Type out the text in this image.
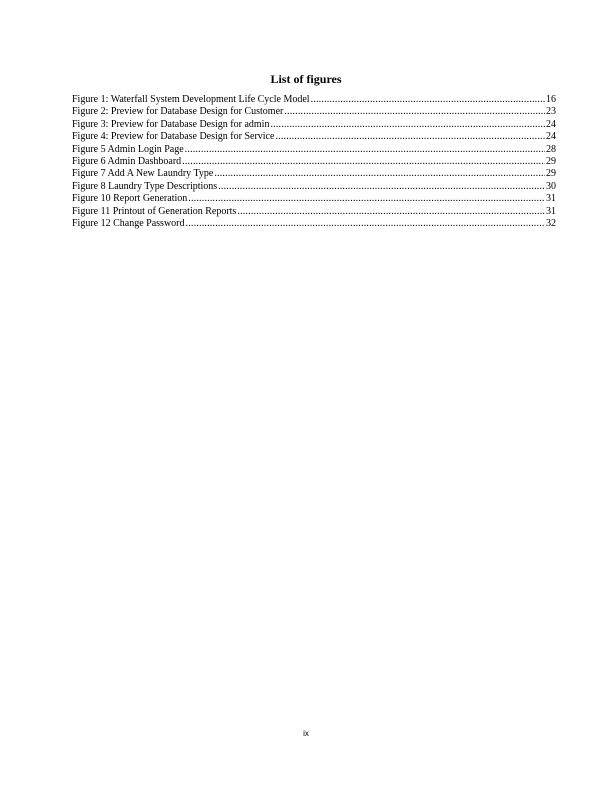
List of figures
Figure 1: Waterfall System Development Life Cycle Model .....	16
Figure 2: Preview for Database Design for Customer .....	23
Figure 3: Preview for Database Design for admin .....	24
Figure 4: Preview for Database Design for Service .....	24
Figure 5 Admin Login Page .....	28
Figure 6 Admin Dashboard .....	29
Figure 7 Add A New Laundry Type .....	29
Figure 8 Laundry Type Descriptions .....	30
Figure 10 Report Generation .....	31
Figure 11 Printout of Generation Reports .....	31
Figure 12 Change Password .....	32
ix
